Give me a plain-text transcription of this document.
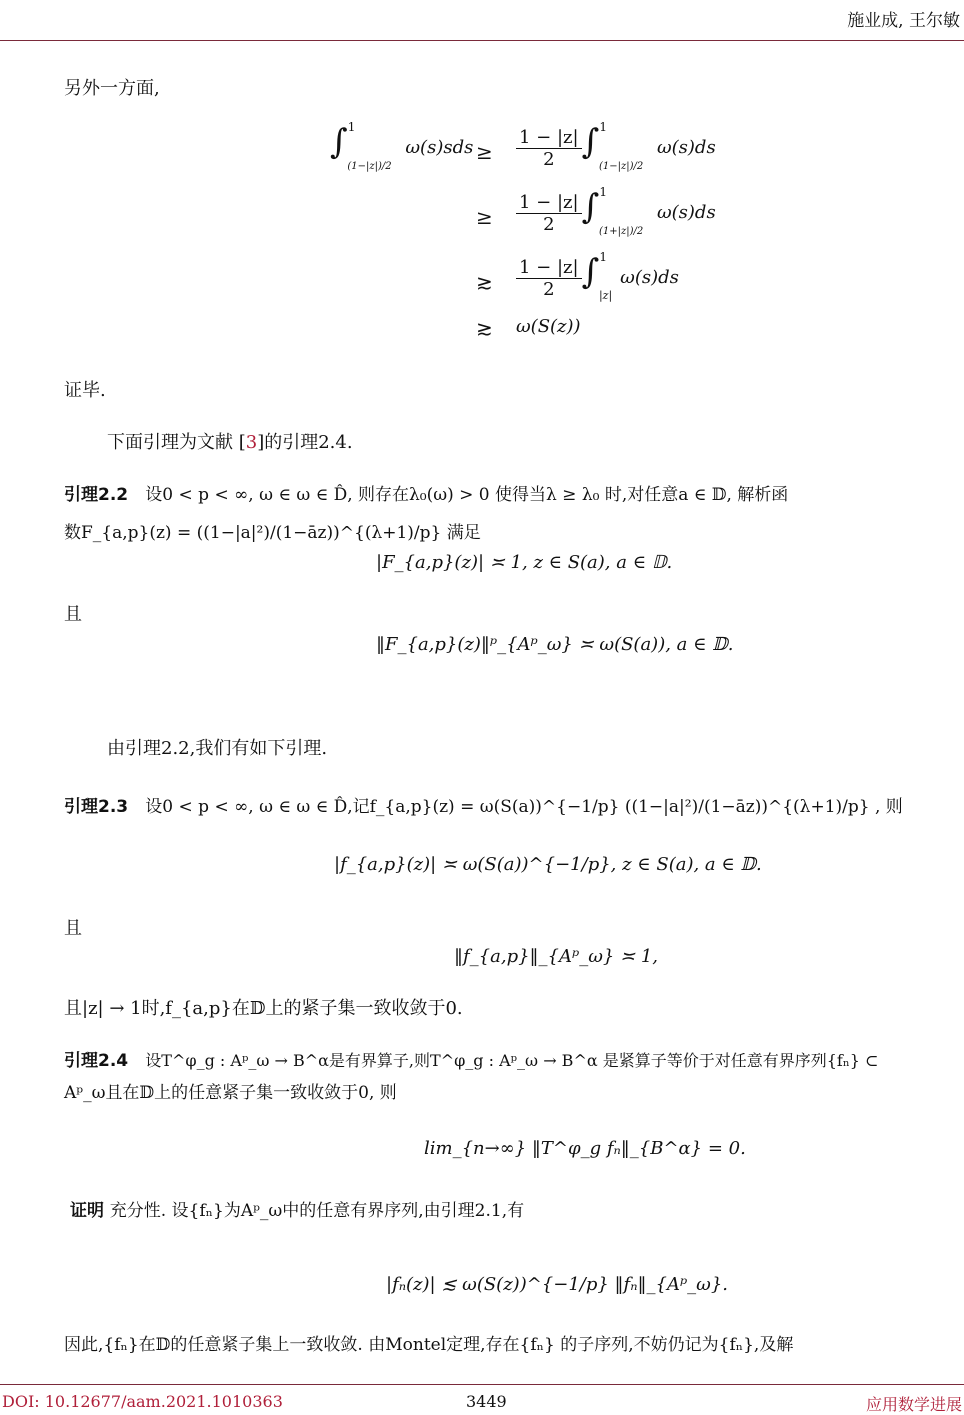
施业成, 王尔敏
另外一方面,
∫$^1_{(1-|z|)/2}$ $\omega(s)sds \ge \frac{1 - |z|}{2} \int^1_{(1-|z|)/2}$ ω(s)ds
≥ $\frac{1 - |z|}{2} \int^1_{(1+|z|)/2}$ ω(s)ds
≳ $\frac{1 - |z|}{2} \int^1_{|z|}\omega(s)ds$
≳ ω(S(z))
证毕.
下面引理为文献 [3]的引理2.4.
引理2.2 设0 < p < ∞, ω ∈ ω ∈ D̂, 则存在λ₀(ω) > 0 使得当λ ≥ λ₀ 时,对任意a ∈ 𝔻, 解析函
数F_{a,p}(z) = ((1−|a|²)/(1−āz))^{(λ+1)/p} 满足
|F_{a,p}(z)| ≍ 1, z ∈ S(a), a ∈ 𝔻.
且
‖F_{a,p}(z)‖ᵖ_{Aᵖ_ω} ≍ ω(S(a)), a ∈ 𝔻.
由引理2.2,我们有如下引理.
引理2.3 设0 < p < ∞, ω ∈ ω ∈ D̂,记f_{a,p}(z) = ω(S(a))^{−1/p} ((1−|a|²)/(1−āz))^{(λ+1)/p} , 则
|f_{a,p}(z)| ≍ ω(S(a))^{−1/p}, z ∈ S(a), a ∈ 𝔻.
且
‖f_{a,p}‖_{Aᵖ_ω} ≍ 1,
且|z| → 1时,f_{a,p}在𝔻上的紧子集一致收敛于0.
引理2.4 设T^φ_g : Aᵖ_ω → B^α是有界算子,则T^φ_g : Aᵖ_ω → B^α 是紧算子等价于对任意有界序列{fₙ} ⊂
Aᵖ_ω且在𝔻上的任意紧子集一致收敛于0, 则
lim_{n→∞} ‖T^φ_g fₙ‖_{B^α} = 0.
证明 充分性. 设{fₙ}为Aᵖ_ω中的任意有界序列,由引理2.1,有
|fₙ(z)| ≲ ω(S(z))^{−1/p} ‖fₙ‖_{Aᵖ_ω}.
因此,{fₙ}在𝔻的任意紧子集上一致收敛. 由Montel定理,存在{fₙ} 的子序列,不妨仍记为{fₙ},及解
DOI: 10.12677/aam.2021.1010363	3449	应用数学进展
